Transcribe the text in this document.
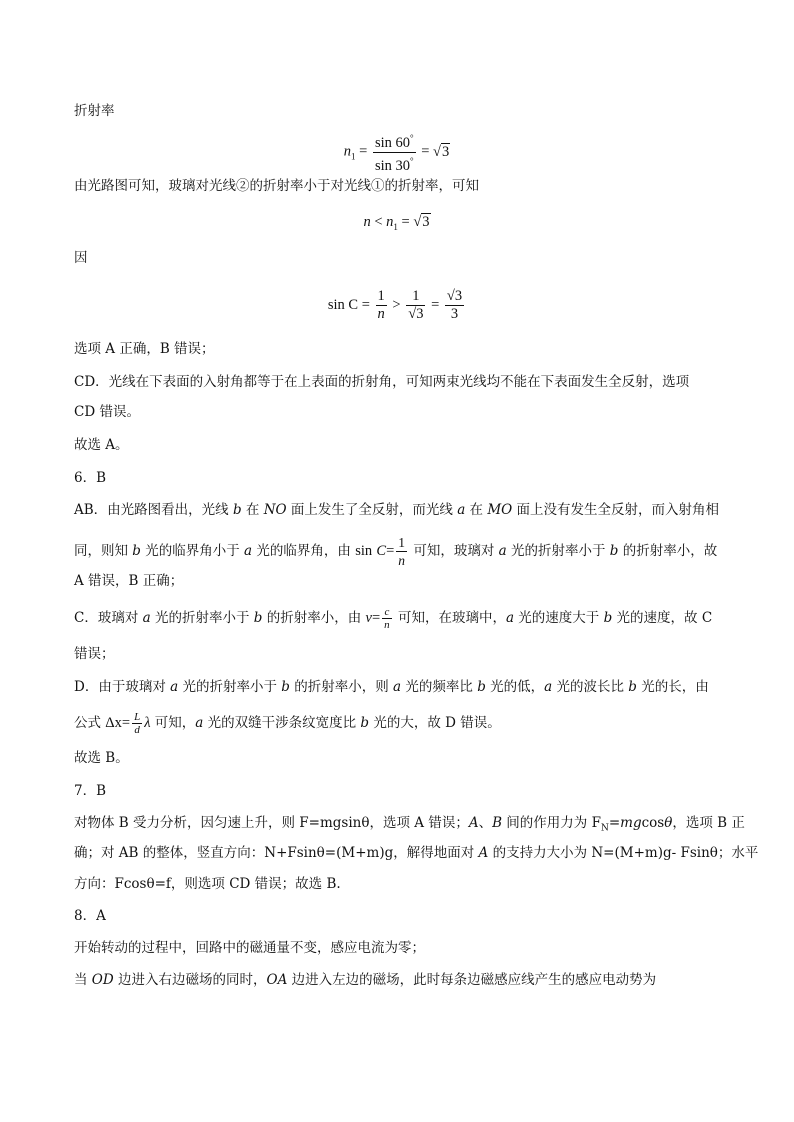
折射率
$n_1 = \frac{\sin 60^\circ}{\sin 30^\circ} = √3$
由光路图可知，玻璃对光线②的折射率小于对光线①的折射率，可知
$n < n_1 = √3$
因
$\sin C = \frac{1}{n} > \frac{1}{√3} = \frac{√3}{3}$
选项 A 正确，B 错误；
CD．光线在下表面的入射角都等于在上表面的折射角，可知两束光线均不能在下表面发生全反射，选项
CD 错误。
故选 A。
6．B
AB．由光路图看出，光线 b 在 NO 面上发生了全反射，而光线 a 在 MO 面上没有发生全反射，而入射角相
同，则知 b 光的临界角小于 a 光的临界角，由 $\sin C= \frac{1}{n}$ 可知，玻璃对 a 光的折射率小于 b 的折射率小，故
A 错误，B 正确；
C．玻璃对 a 光的折射率小于 b 的折射率小，由 $v= \frac{c}{n}$ 可知，在玻璃中，a 光的速度大于 b 光的速度，故 C
错误；
D．由于玻璃对 a 光的折射率小于 b 的折射率小，则 a 光的频率比 b 光的低，a 光的波长比 b 光的长，由
公式 $\Delta x= \frac{L}{d}$ λ 可知，a 光的双缝干涉条纹宽度比 b 光的大，故 D 错误。
故选 B。
7．B
对物体 B 受力分析，因匀速上升，则 F=mgsinθ，选项 A 错误；A、B 间的作用力为 $F_N=mgcos\theta$，选项 B 正
确；对 AB 的整体，竖直方向：N+Fsinθ=(M+m)g，解得地面对 A 的支持力大小为 N=(M+m)g- Fsinθ；水平
方向：Fcosθ=f，则选项 CD 错误；故选 B.
8．A
开始转动的过程中，回路中的磁通量不变，感应电流为零；
当 OD 边进入右边磁场的同时，OA 边进入左边的磁场，此时每条边磁感应线产生的感应电动势为
